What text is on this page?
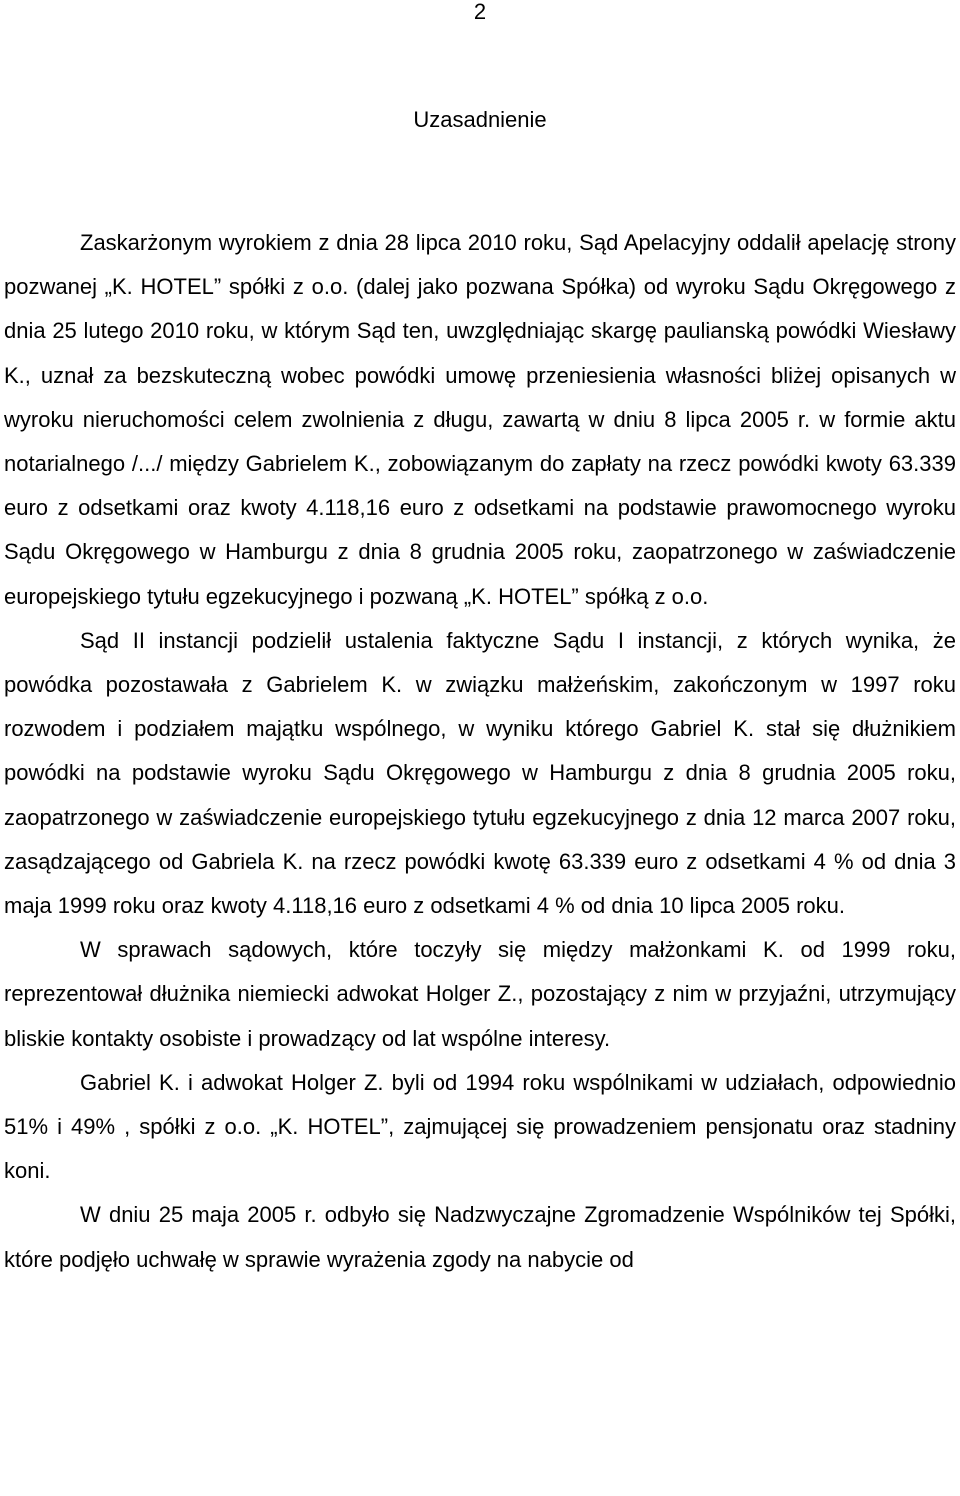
2
Uzasadnienie

Zaskarżonym wyrokiem z dnia 28 lipca 2010 roku, Sąd Apelacyjny oddalił apelację strony pozwanej „K. HOTEL” spółki z o.o. (dalej jako pozwana Spółka) od wyroku Sądu Okręgowego z dnia 25 lutego 2010 roku, w którym Sąd ten, uwzględniając skargę paulianską powódki Wiesławy K., uznał za bezskuteczną wobec powódki umowę przeniesienia własności bliżej opisanych w wyroku nieruchomości celem zwolnienia z długu, zawartą w dniu 8 lipca 2005 r. w formie aktu notarialnego /.../ między Gabrielem K., zobowiązanym do zapłaty na rzecz powódki kwoty 63.339 euro z odsetkami oraz kwoty 4.118,16 euro z odsetkami na podstawie prawomocnego wyroku Sądu Okręgowego w Hamburgu z dnia 8 grudnia 2005 roku, zaopatrzonego w zaświadczenie europejskiego tytułu egzekucyjnego i pozwaną „K. HOTEL” spółką z o.o.

Sąd II instancji podzielił ustalenia faktyczne Sądu I instancji, z których wynika, że powódka pozostawała z Gabrielem K. w związku małżeńskim, zakończonym w 1997 roku rozwodem i podziałem majątku wspólnego, w wyniku którego Gabriel K. stał się dłużnikiem powódki na podstawie wyroku Sądu Okręgowego w Hamburgu z dnia 8 grudnia 2005 roku, zaopatrzonego w zaświadczenie europejskiego tytułu egzekucyjnego z dnia 12 marca 2007 roku, zasądzającego od Gabriela K. na rzecz powódki kwotę 63.339 euro z odsetkami 4 % od dnia 3 maja 1999 roku oraz kwoty 4.118,16 euro z odsetkami 4 % od dnia 10 lipca 2005 roku.

W sprawach sądowych, które toczyły się między małżonkami K. od 1999 roku, reprezentował dłużnika niemiecki adwokat Holger Z., pozostający z nim w przyjaźni, utrzymujący bliskie kontakty osobiste i prowadzący od lat wspólne interesy.

Gabriel K. i adwokat Holger Z. byli od 1994 roku wspólnikami w udziałach, odpowiednio 51% i 49% , spółki z o.o. „K. HOTEL”, zajmującej się prowadzeniem pensjonatu oraz stadniny koni.

W dniu 25 maja 2005 r. odbyło się Nadzwyczajne Zgromadzenie Wspólników tej Spółki, które podjęło uchwałę w sprawie wyrażenia zgody na nabycie od
